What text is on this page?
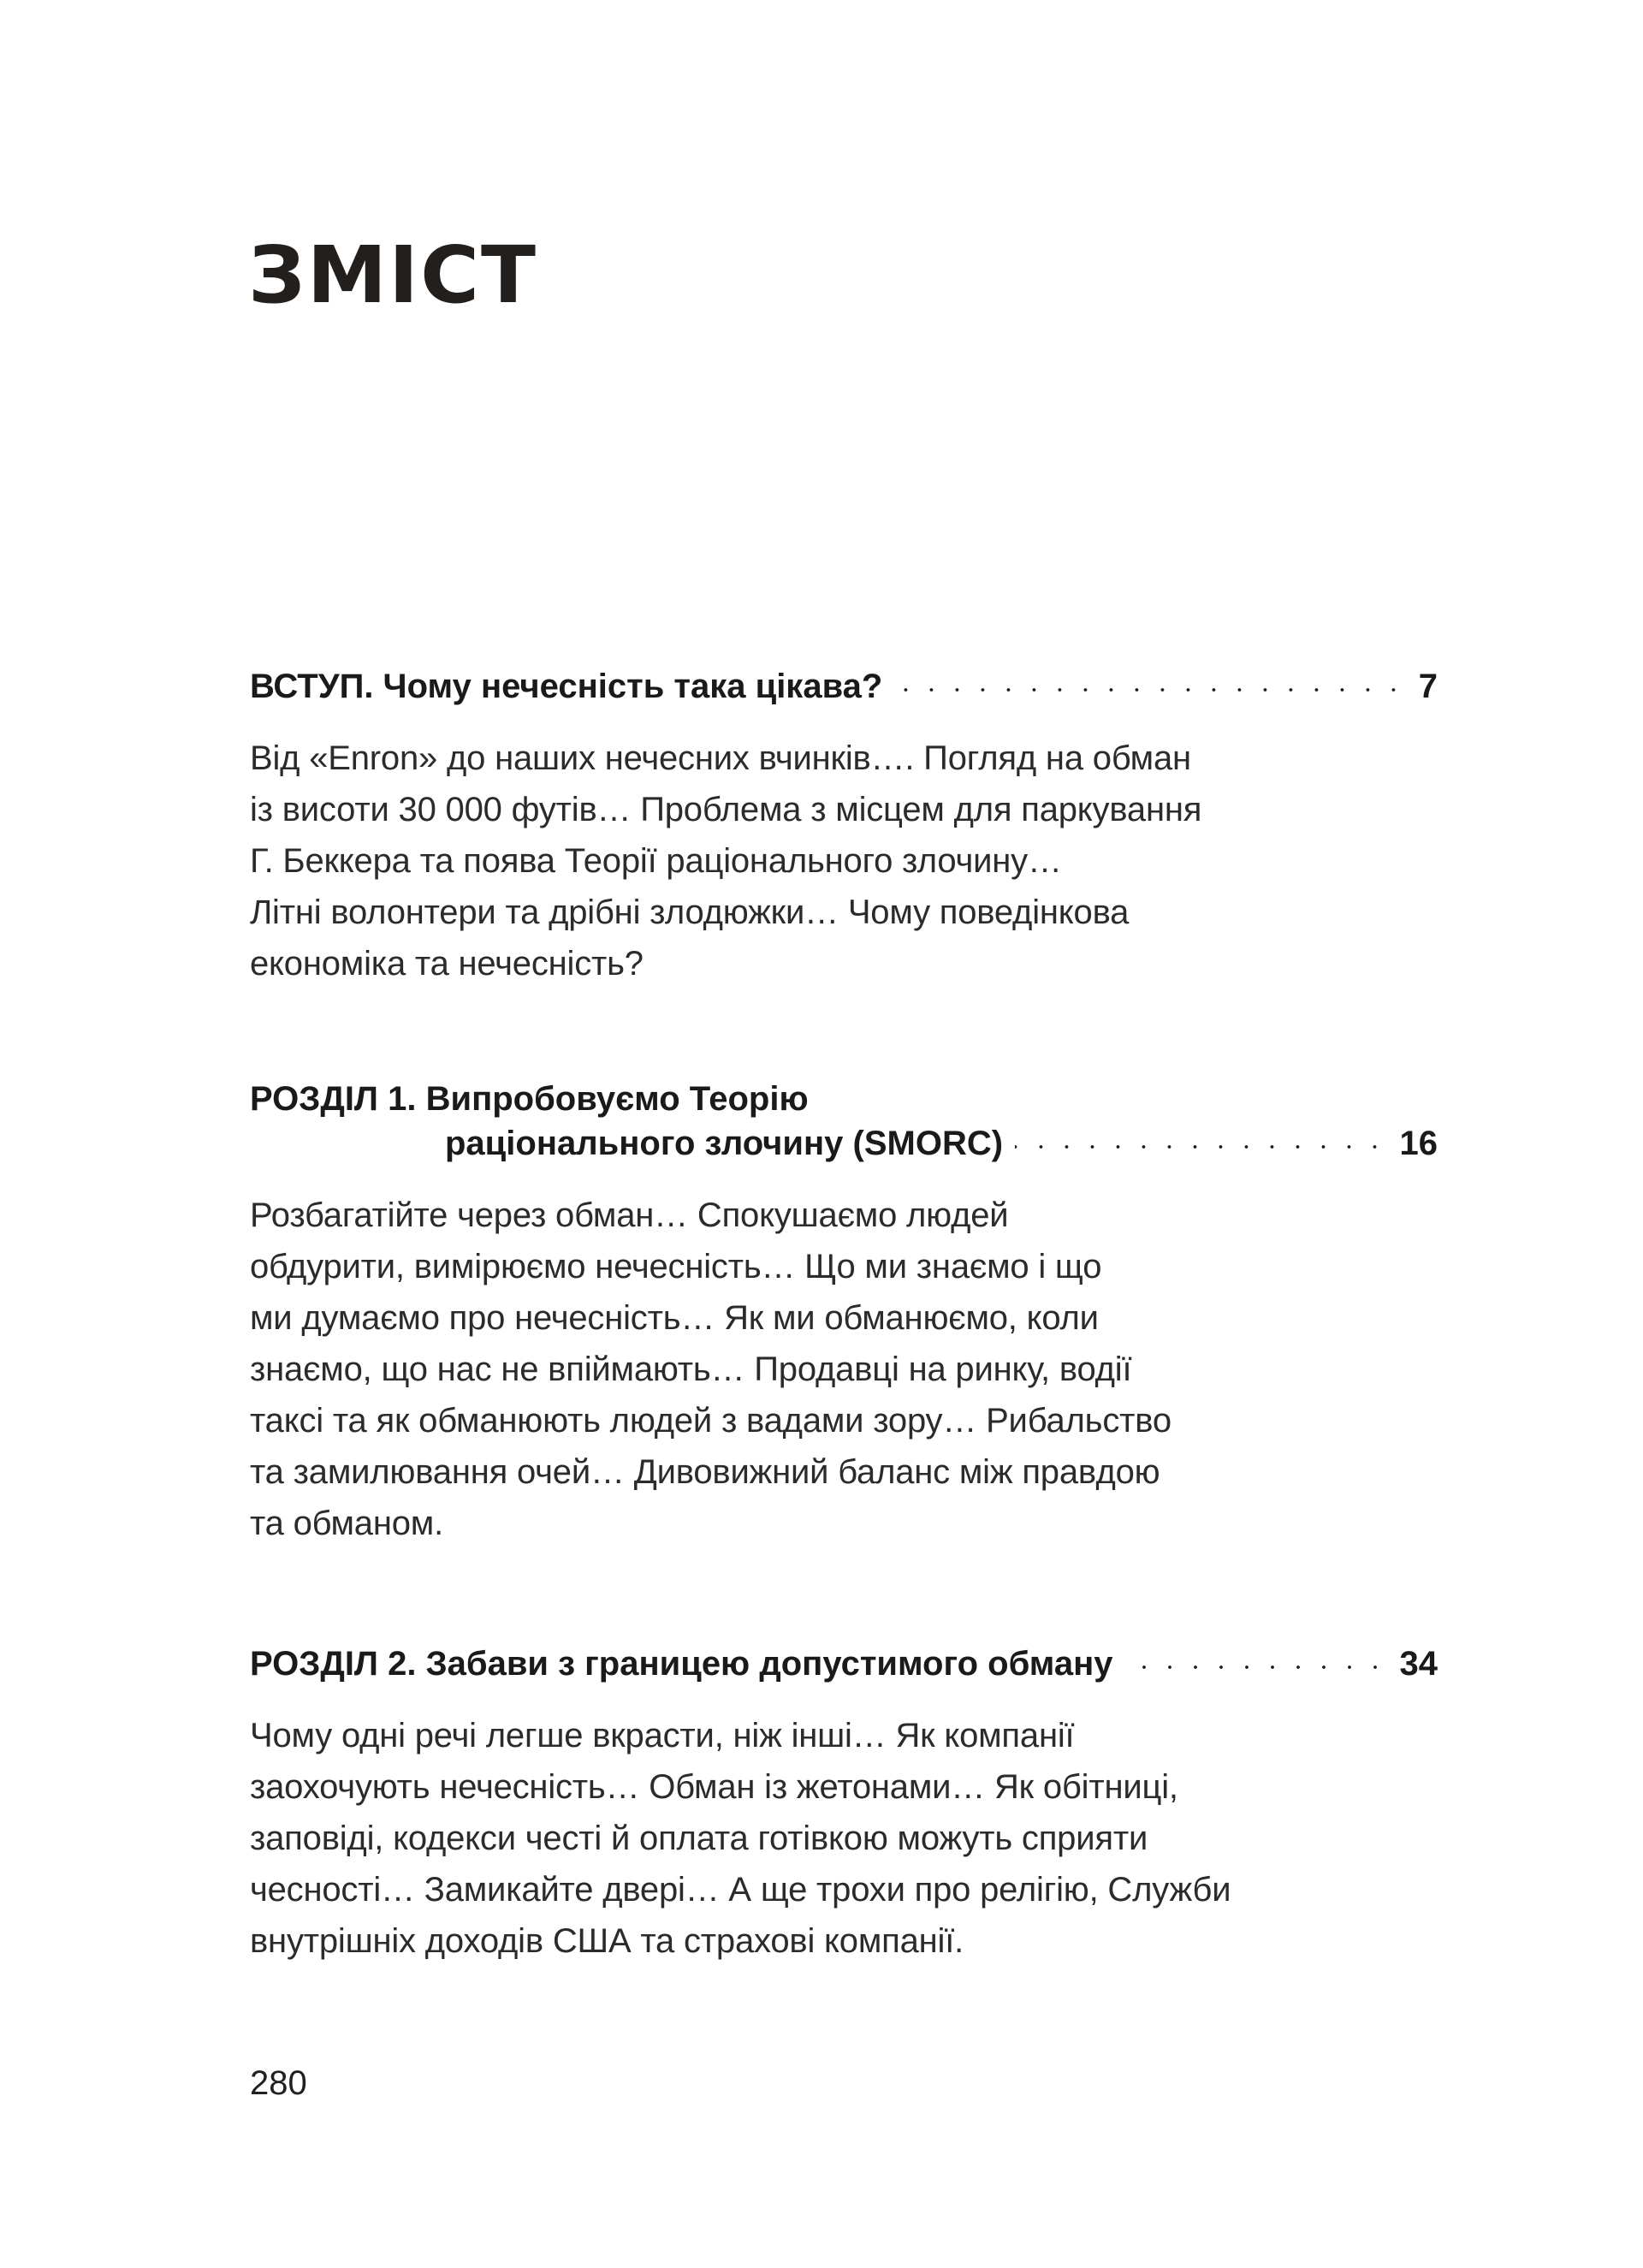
ЗМІСТ
ВСТУП. Чому нечесність така цікава?	7
Від «Enron» до наших нечесних вчинків…. Погляд на обман
із висоти 30 000 футів… Проблема з місцем для паркування
Г. Беккера та поява Теорії раціонального злочину…
Літні волонтери та дрібні злодюжки… Чому поведінкова
економіка та нечесність?
РОЗДІЛ 1. Випробовуємо Теорію
раціонального злочину (SMORC)	16
Розбагатійте через обман… Спокушаємо людей
обдурити, вимірюємо нечесність… Що ми знаємо і що
ми думаємо про нечесність… Як ми обманюємо, коли
знаємо, що нас не впіймають… Продавці на ринку, водії
таксі та як обманюють людей з вадами зору… Рибальство
та замилювання очей… Дивовижний баланс між правдою
та обманом.
РОЗДІЛ 2. Забави з границею допустимого обману	34
Чому одні речі легше вкрасти, ніж інші… Як компанії
заохочують нечесність… Обман із жетонами… Як обітниці,
заповіді, кодекси честі й оплата готівкою можуть сприяти
чесності… Замикайте двері… А ще трохи про релігію, Служби
внутрішніх доходів США та страхові компанії.
280
